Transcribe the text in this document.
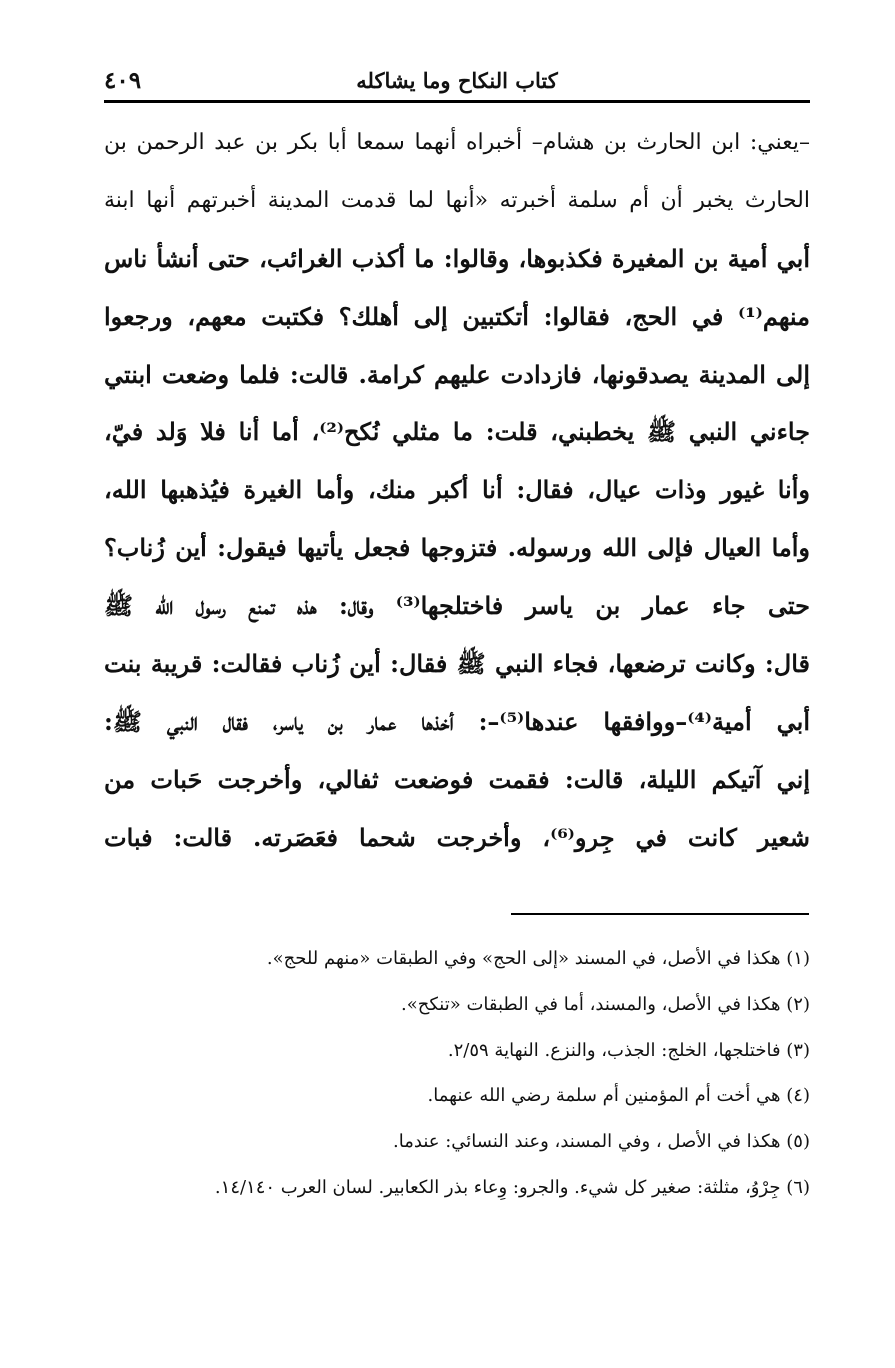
كتاب النكاح وما يشاكله
٤٠٩
–يعني: ابن الحارث بن هشام– أخبراه أنهما سمعا أبا بكر بن عبد الرحمن بن
الحارث يخبر أن أم سلمة أخبرته «أنها لما قدمت المدينة أخبرتهم أنها ابنة
أبي أمية بن المغيرة فكذبوها، وقالوا: ما أكذب الغرائب، حتى أنشأ ناس
منهم⁽¹⁾ في الحج، فقالوا: أتكتبين إلى أهلك؟ فكتبت معهم، ورجعوا
إلى المدينة يصدقونها، فازدادت عليهم كرامة. قالت: فلما وضعت ابنتي
جاءني النبي ﷺ يخطبني، قلت: ما مثلي نُكح⁽²⁾، أما أنا فلا وَلد فيّ،
وأنا غيور وذات عيال، فقال: أنا أكبر منك، وأما الغيرة فيُذهبها الله،
وأما العيال فإلى الله ورسوله. فتزوجها فجعل يأتيها فيقول: أين زُناب؟
حتى جاء عمار بن ياسر فاختلجها⁽³⁾ وقال: هذه تمنع رسول الله ﷺ
قال: وكانت ترضعها، فجاء النبي ﷺ فقال: أين زُناب فقالت: قريبة بنت
أبي أمية⁽⁴⁾–ووافقها عندها⁽⁵⁾–: أخذها عمار بن ياسر، فقال النبي ﷺ:
إني آتيكم الليلة، قالت: فقمت فوضعت ثفالي، وأخرجت حَبات من
شعير كانت في جِرو⁽⁶⁾، وأخرجت شحما فعَصَرته. قالت: فبات
(١) هكذا في الأصل، في المسند «إلى الحج» وفي الطبقات «منهم للحج».
(٢) هكذا في الأصل، والمسند، أما في الطبقات «تنكح».
(٣) فاختلجها، الخلج: الجذب، والنزع. النهاية ٢/٥٩.
(٤) هي أخت أم المؤمنين أم سلمة رضي الله عنهما.
(٥) هكذا في الأصل ، وفي المسند، وعند النسائي: عندما.
(٦) جِرْوُ، مثلثة: صغير كل شيء. والجرو: وِعاء بذر الكعابير. لسان العرب ١٤/١٤٠.
